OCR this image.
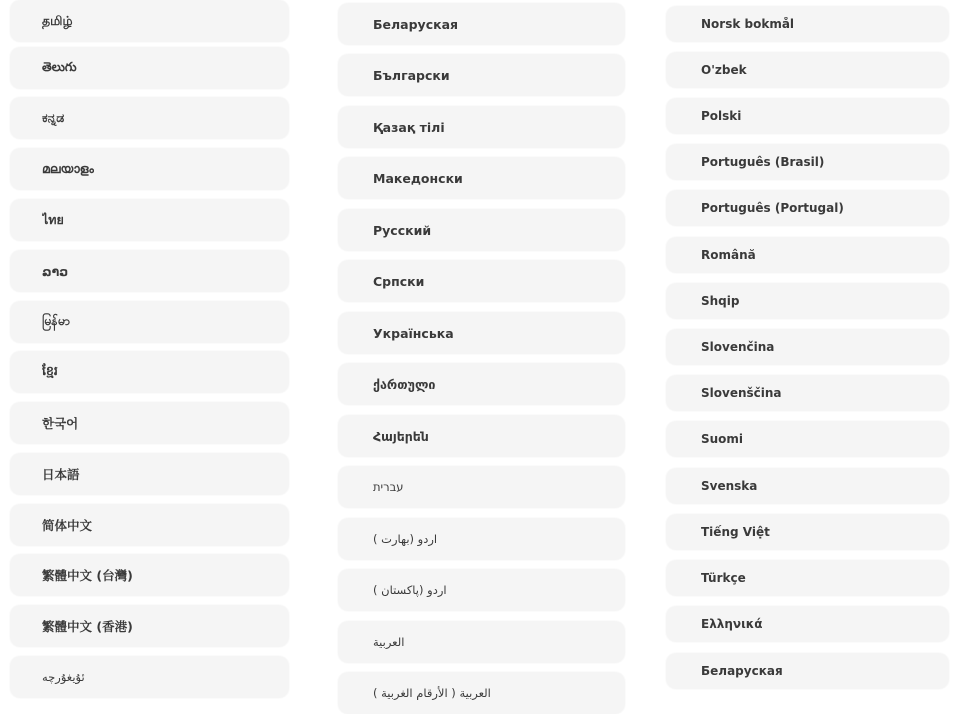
தமிழ்
తెలుగు
ಕನ್ನಡ
മലയാളം
ไทย
ລາວ
မြန်မာ
ខ្មែរ
한국어
日本語
简体中文
繁體中文 (台灣)
繁體中文 (香港)
ئۇيغۇرچە
Беларуская
Български
Қазақ тілі
Македонски
Русский
Српски
Українська
ქართული
Հայերեն
עברית
اردو (بھارت )
اردو (پاکستان )
العربية
العربية ( الأرقام الغربية )
Norsk bokmål
O'zbek
Polski
Português (Brasil)
Português (Portugal)
Română
Shqip
Slovenčina
Slovenščina
Suomi
Svenska
Tiếng Việt
Türkçe
Ελληνικά
Беларуская
